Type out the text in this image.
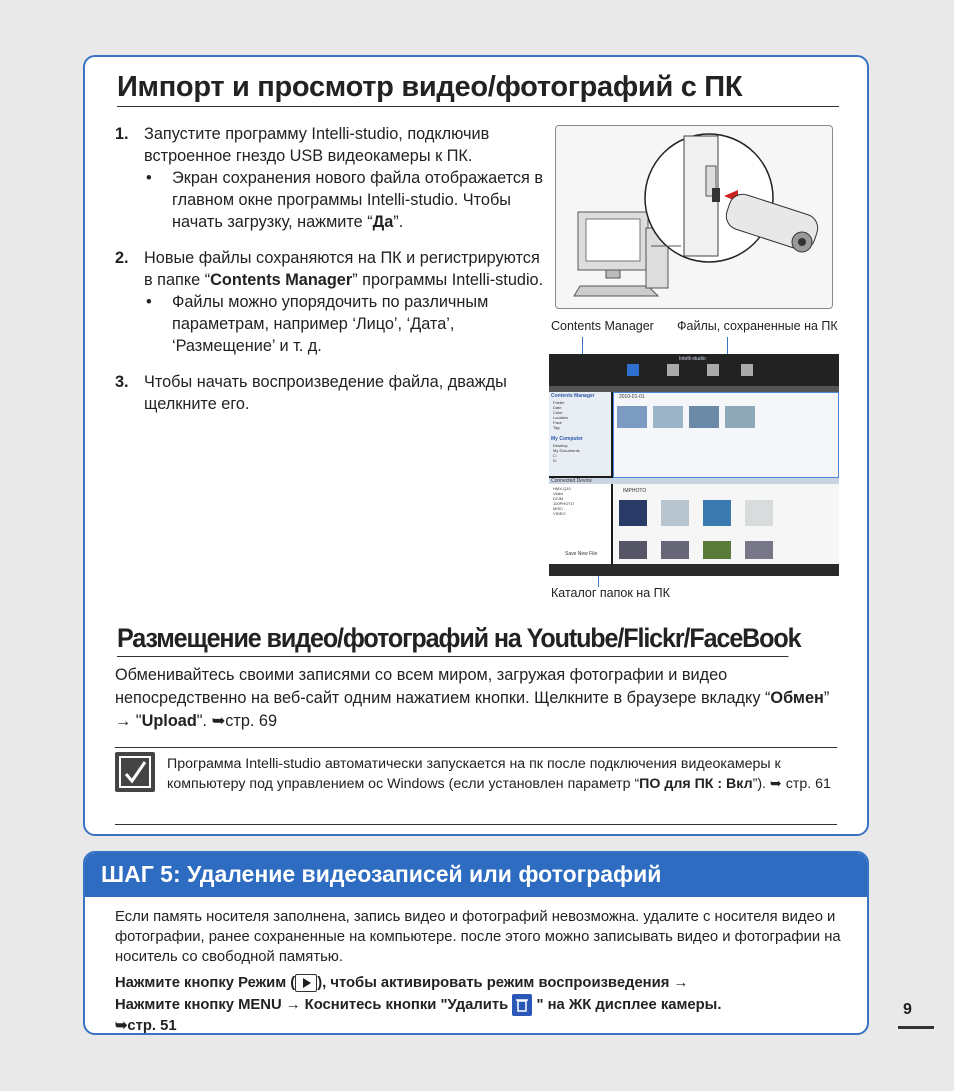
Импорт и просмотр видео/фотографий с ПК
1. Запустите программу Intelli-studio, подключив встроенное гнездо USB видеокамеры к ПК.
• Экран сохранения нового файла отображается в главном окне программы Intelli-studio. Чтобы начать загрузку, нажмите “Да”.
2. Новые файлы сохраняются на ПК и регистрируются в папке “Contents Manager” программы Intelli-studio.
• Файлы можно упорядочить по различным параметрам, например ‘Лицо’, ‘Дата’, ‘Размещение’ и т. д.
3. Чтобы начать воспроизведение файла, дважды щелкните его.
Contents Manager Файлы, сохраненные на ПК
Intelli-studio
Contents Manager
Folder
Date
Color
Location
Face
Tag
My Computer
Desktop
My Documents
C:
D:
2010-01-01
Connected Device
HMX-Q10
Video
DCIM
100PHOTO
MISC
VIDEO
Save New File
IMPHOTO
Каталог папок на ПК
Размещение видео/фотографий на Youtube/Flickr/FaceBook
Обменивайтесь своими записями со всем миром, загружая фотографии и видео непосредственно на веб-сайт одним нажатием кнопки. Щелкните в браузере вкладку “Обмен” → "Upload". ➥стр. 69
Программа Intelli-studio автоматически запускается на пк после подключения видеокамеры к компьютеру под управлением ос Windows (если установлен параметр “ПО для ПК : Вкл”). ➥ стр. 61
ШАГ 5: Удаление видеозаписей или фотографий
Если память носителя заполнена, запись видео и фотографий невозможна. удалите с носителя видео и фотографии, ранее сохраненные на компьютере. после этого можно записывать видео и фотографии на носитель со свободной памятью.
Нажмите кнопку Режим ( ), чтобы активировать режим воспроизведения →
Нажмите кнопку MENU → Коснитесь кнопки "Удалить " на ЖК дисплее камеры.
➥стр. 51
9
